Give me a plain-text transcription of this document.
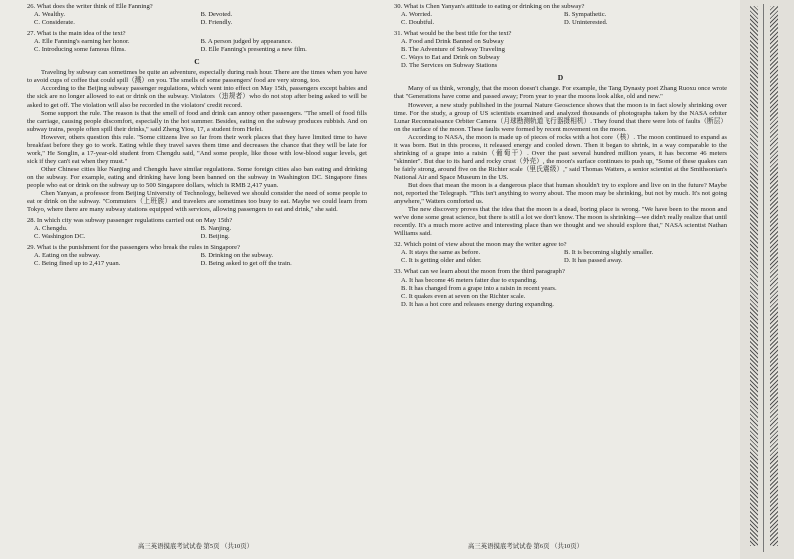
26. What does the writer think of Elle Fanning?
A. Wealthy.	B. Devoted.
C. Considerate.	D. Friendly.
27. What is the main idea of the text?
A. Elle Fanning's earning her honor.	B. A person judged by appearance.
C. Introducing some famous films.	D. Elle Fanning's presenting a new film.
C

Traveling by subway can sometimes be quite an adventure, especially during rush hour. There are the times when you have to avoid cups of coffee that could spill（溅）on you. The smells of some passengers' food are very strong, too.

According to the Beijing subway passenger regulations, which went into effect on May 15th, passengers except babies and the sick are no longer allowed to eat or drink on the subway. Violators（违规者）who do not stop after being asked to will be asked to get off. The violation will also be recorded in the violators' credit record.

Some support the rule. The reason is that the smell of food and drink can annoy other passengers. "The smell of food fills the carriage, causing people discomfort, especially in the hot summer. Besides, eating on the subway produces rubbish. And on subway trains, people often spill their drinks," said Zheng Yiou, 17, a student from Hefei.

However, others question this rule. "Some citizens live so far from their work places that they have limited time to have breakfast before they go to work. Eating while they travel saves them time and decreases the chance that they will be late for work," He Songlin, a 17-year-old student from Chengdu said, "And some people, like those with low-blood sugar levels, get sick if they can't eat when they must."

Other Chinese cities like Nanjing and Chengdu have similar regulations. Some foreign cities also ban eating and drinking on the subway. For example, eating and drinking have long been banned on the subway in Washington DC. Singapore fines people who eat or drink on the subway up to 500 Singapore dollars, which is RMB 2,417 yuan.

Chen Yanyan, a professor from Beijing University of Technology, believed we should consider the need of some people to eat or drink on the subway. "Commuters（上班族）and travelers are sometimes too busy to eat. Maybe we could learn from Tokyo, where there are many subway stations equipped with services, allowing passengers to eat and drink," she said.

28. In which city was subway passenger regulations carried out on May 15th?
A. Chengdu.	B. Nanjing.
C. Washington DC.	D. Beijing.
29. What is the punishment for the passengers who break the rules in Singapore?
A. Eating on the subway.	B. Drinking on the subway.
C. Being fined up to 2,417 yuan.	D. Being asked to get off the train.
30. What is Chen Yanyan's attitude to eating or drinking on the subway?
A. Worried.	B. Sympathetic.
C. Doubtful.	D. Uninterested.
31. What would be the best title for the text?
A. Food and Drink Banned on Subway
B. The Adventure of Subway Traveling
C. Ways to Eat and Drink on Subway
D. The Services on Subway Stations
D

Many of us think, wrongly, that the moon doesn't change. For example, the Tang Dynasty poet Zhang Ruoxu once wrote that "Generations have come and passed away; From year to year the moons look alike, old and new."

However, a new study published in the journal Nature Geoscience shows that the moon is in fact slowly shrinking over time. For the study, a group of US scientists examined and analyzed thousands of photographs taken by the NASA orbiter Lunar Reconnaissance Orbiter Camera（月球勘测轨道飞行器摄相机）. They found that there were lots of faults（断层）on the surface of the moon. These faults were formed by recent movement on the moon.

According to NASA, the moon is made up of pieces of rocks with a hot core（核）. The moon continued to expand as it was born. But in this process, it released energy and cooled down. Then it began to shrink, in a way comparable to the shrinking of a grape into a raisin（葡萄干）. Over the past several hundred million years, it has become 46 meters "skinnier". But due to its hard and rocky crust（外壳）, the moon's surface continues to push up, "Some of these quakes can be fairly strong, around five on the Richter scale（里氏震级）," said Thomas Watters, a senior scientist at the Smithsonian's National Air and Space Museum in the US.

But does that mean the moon is a dangerous place that human shouldn't try to explore and live on in the future? Maybe not, reported the Telegraph. "This isn't anything to worry about. The moon may be shrinking, but not by much. It's not going anywhere," Watters comforted us.

The new discovery proves that the idea that the moon is a dead, boring place is wrong. "We have been to the moon and we've done some great science, but there is still a lot we don't know. The moon is shrinking—we didn't really realize that until recently. It's a much more active and interesting place than we thought and we should explore that," NASA scientist Nathan Williams said.

32. Which point of view about the moon may the writer agree to?
A. It stays the same as before.	B. It is becoming slightly smaller.
C. It is getting older and older.	D. It has passed away.
33. What can we learn about the moon from the third paragraph?
A. It has become 46 meters fatter due to expanding.
B. It has changed from a grape into a raisin in recent years.
C. It quakes even at seven on the Richter scale.
D. It has a hot core and releases energy during expanding.
高三英语摸底考试试卷 第5页 （共10页）	高三英语摸底考试试卷 第6页 （共10页）
